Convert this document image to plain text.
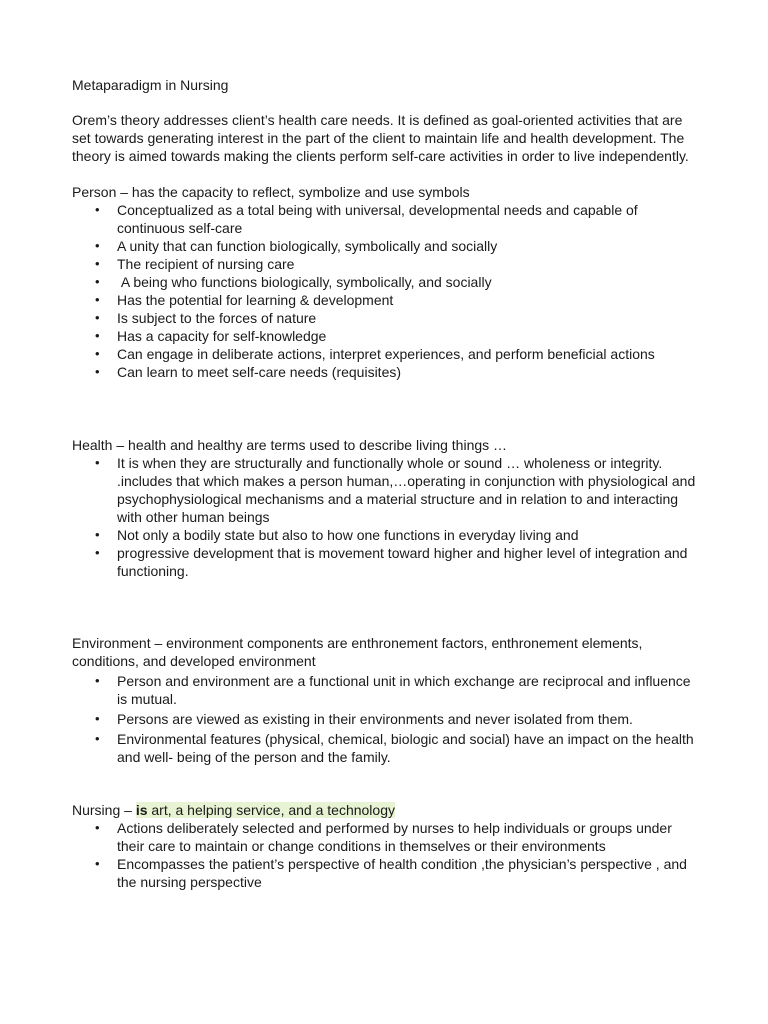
Metaparadigm in Nursing

Orem’s theory addresses client’s health care needs. It is defined as goal-oriented activities that are set towards generating interest in the part of the client to maintain life and health development. The theory is aimed towards making the clients perform self-care activities in order to live independently.

Person – has the capacity to reflect, symbolize and use symbols

• Conceptualized as a total being with universal, developmental needs and capable of continuous self-care
• A unity that can function biologically, symbolically and socially
• The recipient of nursing care
•  A being who functions biologically, symbolically, and socially
• Has the potential for learning & development
• Is subject to the forces of nature
• Has a capacity for self-knowledge
• Can engage in deliberate actions, interpret experiences, and perform beneficial actions
• Can learn to meet self-care needs (requisites)

Health – health and healthy are terms used to describe living things …

• It is when they are structurally and functionally whole or sound … wholeness or integrity. .includes that which makes a person human,…operating in conjunction with physiological and psychophysiological mechanisms and a material structure and in relation to and interacting with other human beings
• Not only a bodily state but also to how one functions in everyday living and
• progressive development that is movement toward higher and higher level of integration and functioning.

Environment – environment components are enthronement factors, enthronement elements, conditions, and developed environment

• Person and environment are a functional unit in which exchange are reciprocal and influence is mutual.
• Persons are viewed as existing in their environments and never isolated from them.
• Environmental features (physical, chemical, biologic and social) have an impact on the health and well- being of the person and the family.

Nursing – is art, a helping service, and a technology

• Actions deliberately selected and performed by nurses to help individuals or groups under their care to maintain or change conditions in themselves or their environments
• Encompasses the patient’s perspective of health condition ,the physician’s perspective , and the nursing perspective
